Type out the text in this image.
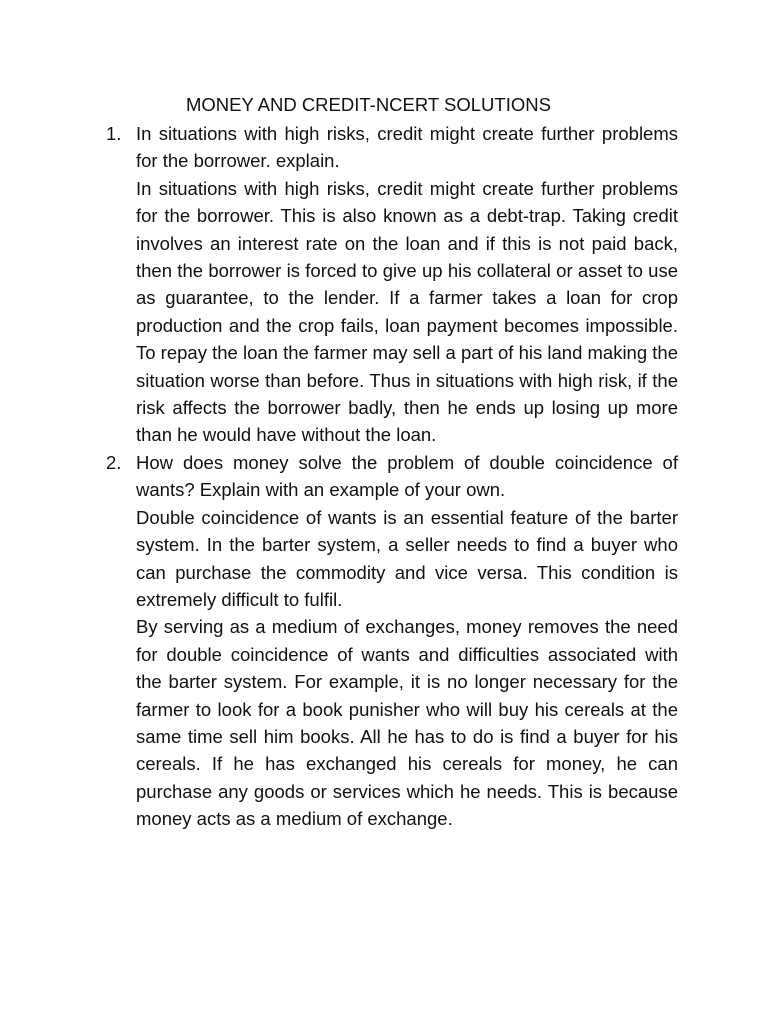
MONEY AND CREDIT-NCERT SOLUTIONS
1. In situations with high risks, credit might create further problems for the borrower. explain.

In situations with high risks, credit might create further problems for the borrower. This is also known as a debt-trap. Taking credit involves an interest rate on the loan and if this is not paid back, then the borrower is forced to give up his collateral or asset to use as guarantee, to the lender. If a farmer takes a loan for crop production and the crop fails, loan payment becomes impossible. To repay the loan the farmer may sell a part of his land making the situation worse than before. Thus in situations with high risk, if the risk affects the borrower badly, then he ends up losing up more than he would have without the loan.

2. How does money solve the problem of double coincidence of wants? Explain with an example of your own.

Double coincidence of wants is an essential feature of the barter system. In the barter system, a seller needs to find a buyer who can purchase the commodity and vice versa. This condition is extremely difficult to fulfil.

By serving as a medium of exchanges, money removes the need for double coincidence of wants and difficulties associated with the barter system. For example, it is no longer necessary for the farmer to look for a book punisher who will buy his cereals at the same time sell him books. All he has to do is find a buyer for his cereals. If he has exchanged his cereals for money, he can purchase any goods or services which he needs. This is because money acts as a medium of exchange.
